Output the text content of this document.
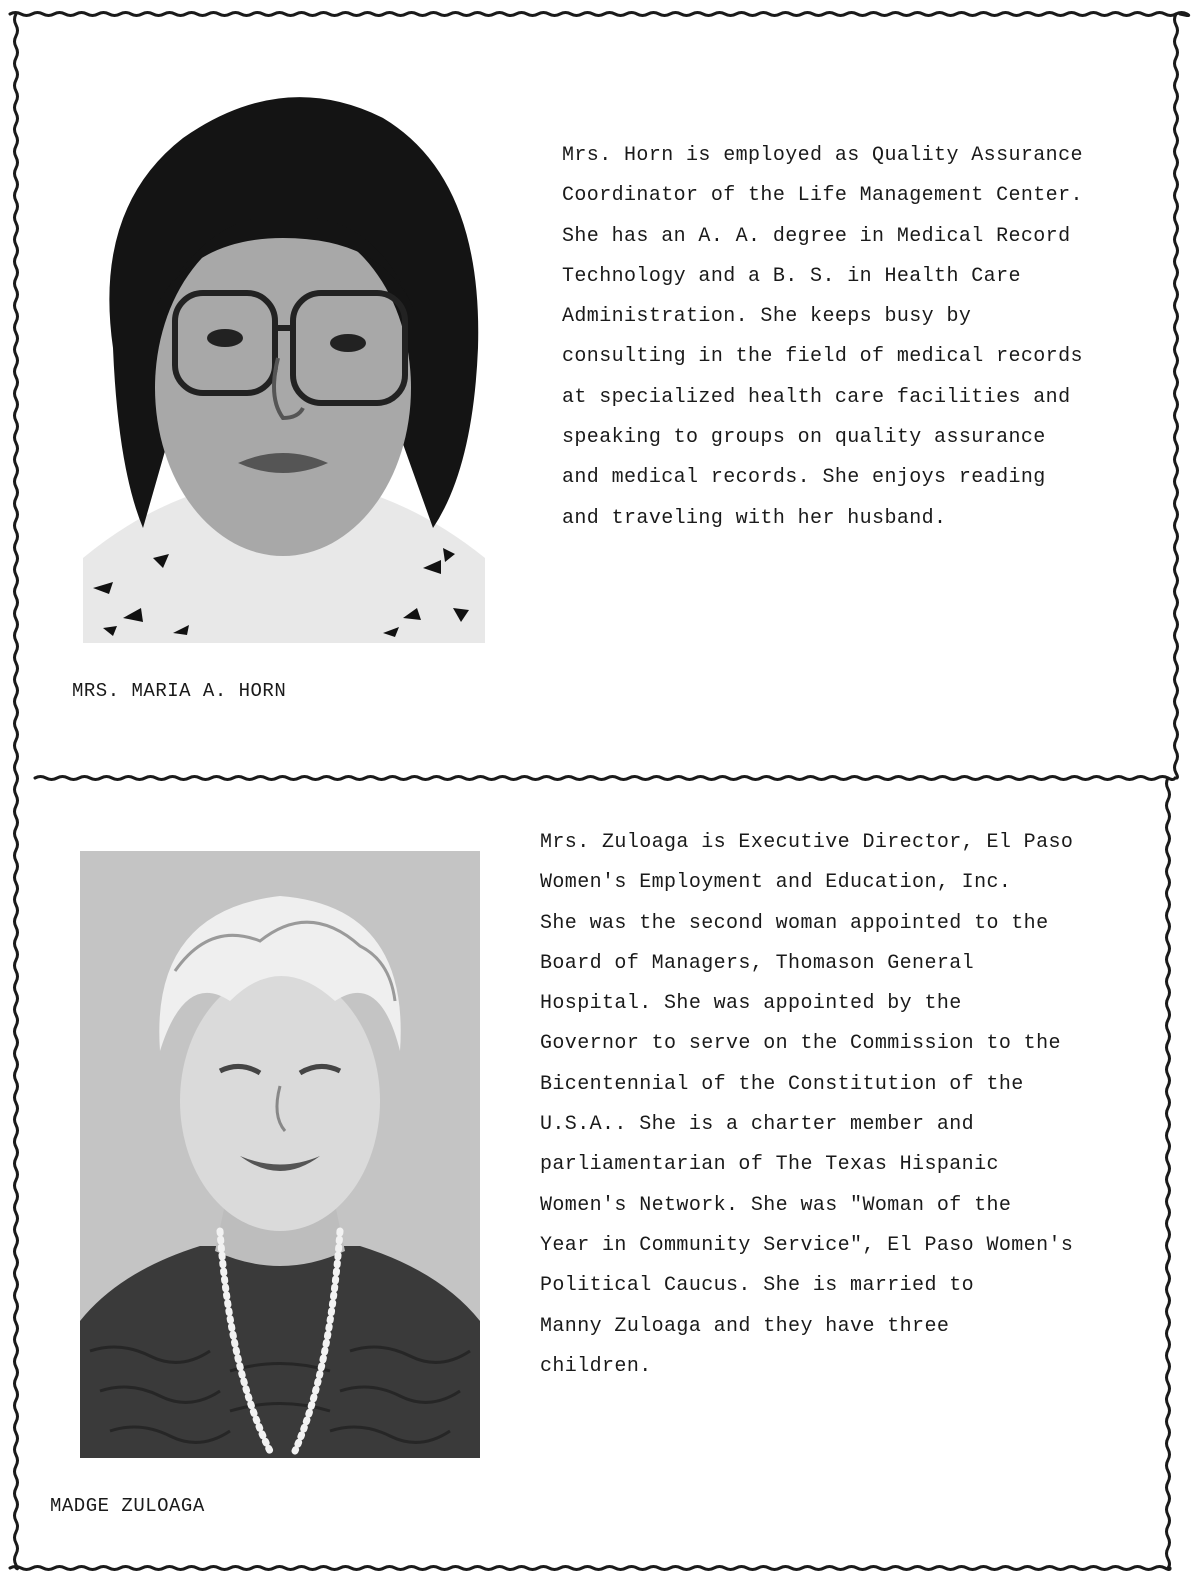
Mrs. Horn is employed as Quality Assurance
Coordinator of the Life Management Center.
She has an A. A. degree in Medical Record
Technology and a B. S. in Health Care
Administration. She keeps busy by
consulting in the field of medical records
at specialized health care facilities and
speaking to groups on quality assurance
and medical records. She enjoys reading
and traveling with her husband.

MRS. MARIA A. HORN

Mrs. Zuloaga is Executive Director, El Paso
Women's Employment and Education, Inc.
She was the second woman appointed to the
Board of Managers, Thomason General
Hospital. She was appointed by the
Governor to serve on the Commission to the
Bicentennial of the Constitution of the
U.S.A.. She is a charter member and
parliamentarian of The Texas Hispanic
Women's Network. She was "Woman of the
Year in Community Service", El Paso Women's
Political Caucus. She is married to
Manny Zuloaga and they have three
children.

MADGE ZULOAGA
